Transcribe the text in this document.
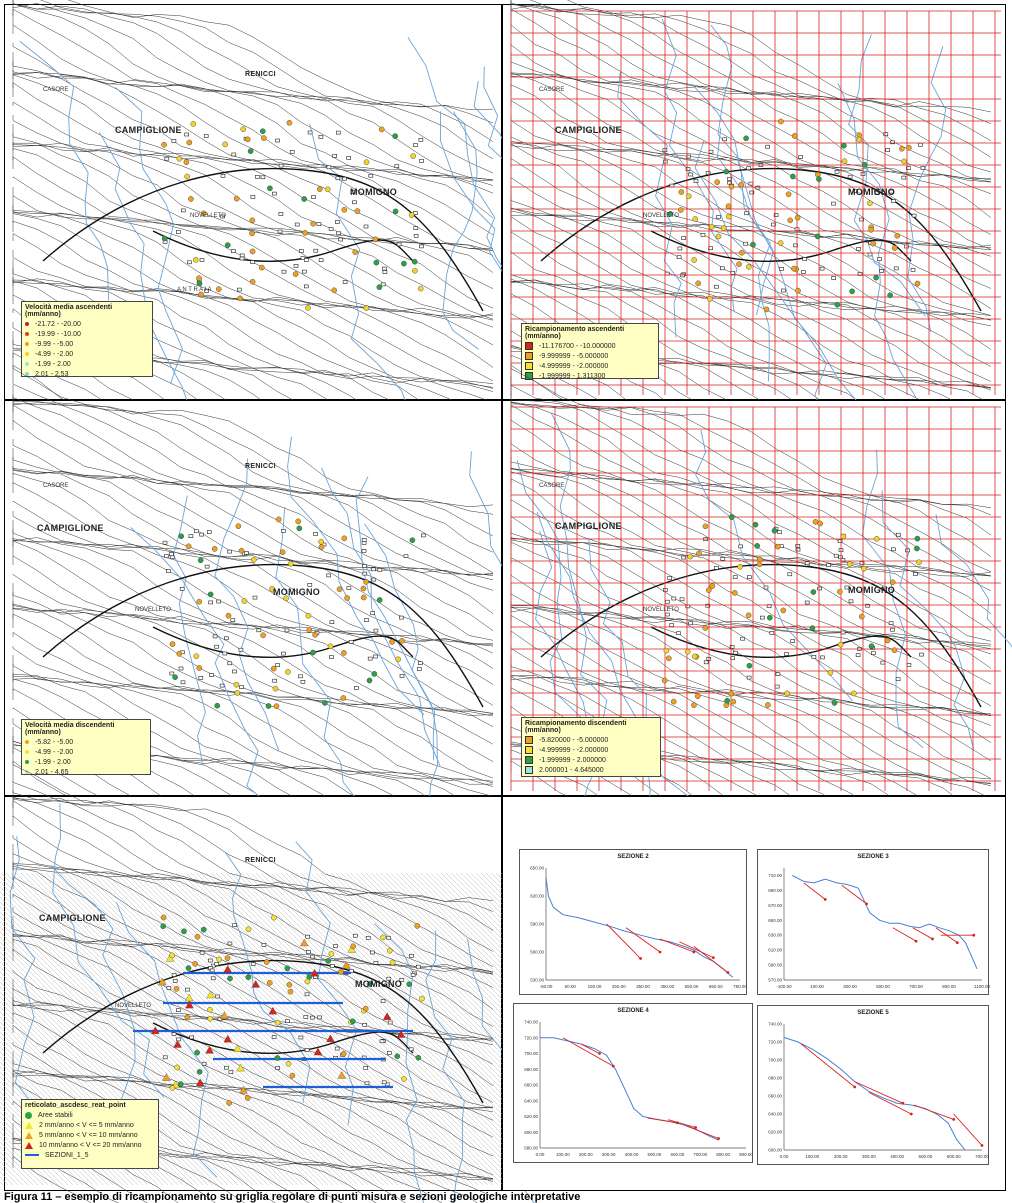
CAMPIGLIONE
MOMIGNO
RENICCI
CASORE
NOVELLETO
A N T R A I A
Velocità media ascendenti (mm/anno)
-21.72 - -20.00
-19.99 - -10.00
-9.99 - -5.00
-4.99 - -2.00
-1.99 - 2.00
2.01 - 2.53
CAMPIGLIONE
MOMIGNO
CASORE
NOVELLETO
Ricampionamento ascendenti (mm/anno)
-11.176700 - -10.000000
-9.999999 - -5.000000
-4.999999 - -2.000000
-1.999999 - 1.311300
CAMPIGLIONE
MOMIGNO
RENICCI
CASORE
NOVELLETO
Velocità media discendenti (mm/anno)
-5.82 - -5.00
-4.99 - -2.00
-1.99 - 2.00
2.01 - 4.65
CAMPIGLIONE
MOMIGNO
CASORE
NOVELLETO
Ricampionamento discendenti (mm/anno)
-5.820000 - -5.000000
-4.999999 - -2.000000
-1.999999 - 2.000000
2.000001 - 4.645000
CAMPIGLIONE
MOMIGNO
RENICCI
NOVELLETO
reticolato_ascdesc_reat_point
Aree stabili
2 mm/anno < V <= 5 mm/anno
5 mm/anno < V <= 10 mm/anno
10 mm/anno < V <= 20 mm/anno
SEZIONI_1_5
SEZIONE 2
-50.00	50.00	150.00 250.00 350.00 450.00 550.00 650.00 750.00
530.00
560.00
590.00
620.00
650.00
SEZIONE 3
-100.00	100.00	300.00	500.00	700.00	900.00	1100.00
570.00
590.00
610.00
630.00
650.00
670.00
690.00
710.00
SEZIONE 4
0.00	100.00 200.00 300.00 400.00 500.00 600.00 700.00 800.00 900.00
580.00
600.00
620.00
640.00
660.00
680.00
700.00
720.00
740.00
SEZIONE 5
0.00	100.00	200.00	300.00	400.00	500.00	600.00	700.00
600.00
620.00
640.00
660.00
680.00
700.00
720.00
740.00
Figura 11 – esempio di ricampionamento su griglia regolare di punti misura e sezioni geologiche interpretative
